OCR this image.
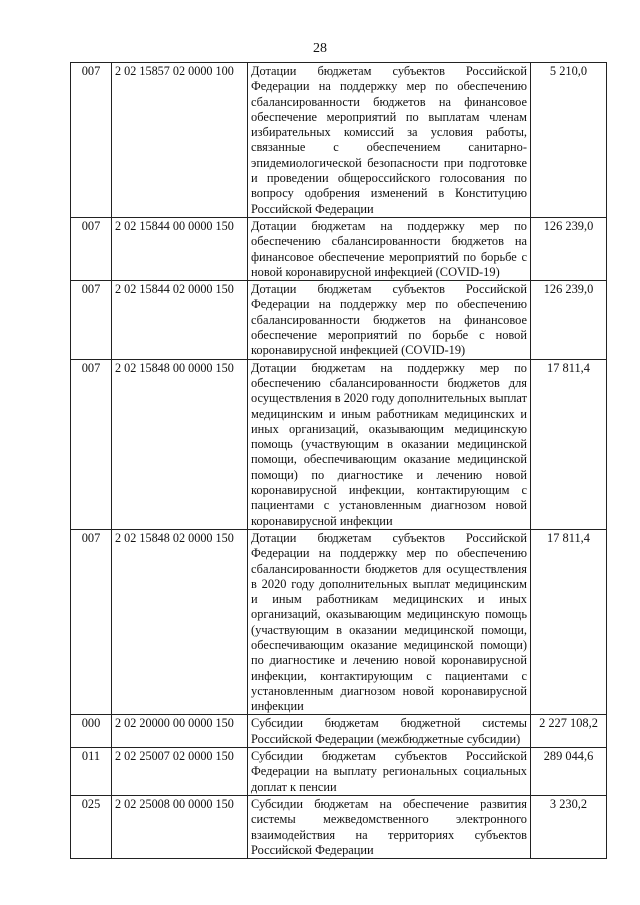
28
007	2 02 15857 02 0000 100	Дотации бюджетам субъектов Российской Федерации на поддержку мер по обеспечению сбалансированности бюджетов на финансовое обеспечение мероприятий по выплатам членам избирательных комиссий за условия работы, связанные с обеспечением санитарно-эпидемиологической безопасности при подготовке и проведении общероссийского голосования по вопросу одобрения изменений в Конституцию Российской Федерации	5 210,0
007	2 02 15844 00 0000 150	Дотации бюджетам на поддержку мер по обеспечению сбалансированности бюджетов на финансовое обеспечение мероприятий по борьбе с новой коронавирусной инфекцией (COVID-19)	126 239,0
007	2 02 15844 02 0000 150	Дотации бюджетам субъектов Российской Федерации на поддержку мер по обеспечению сбалансированности бюджетов на финансовое обеспечение мероприятий по борьбе с новой коронавирусной инфекцией (COVID-19)	126 239,0
007	2 02 15848 00 0000 150	Дотации бюджетам на поддержку мер по обеспечению сбалансированности бюджетов для осуществления в 2020 году дополнительных выплат медицинским и иным работникам медицинских и иных организаций, оказывающим медицинскую помощь (участвующим в оказании медицинской помощи, обеспечивающим оказание медицинской помощи) по диагностике и лечению новой коронавирусной инфекции, контактирующим с пациентами с установленным диагнозом новой коронавирусной инфекции	17 811,4
007	2 02 15848 02 0000 150	Дотации бюджетам субъектов Российской Федерации на поддержку мер по обеспечению сбалансированности бюджетов для осуществления в 2020 году дополнительных выплат медицинским и иным работникам медицинских и иных организаций, оказывающим медицинскую помощь (участвующим в оказании медицинской помощи, обеспечивающим оказание медицинской помощи) по диагностике и лечению новой коронавирусной инфекции, контактирующим с пациентами с установленным диагнозом новой коронавирусной инфекции	17 811,4
000	2 02 20000 00 0000 150	Субсидии бюджетам бюджетной системы Российской Федерации (межбюджетные субсидии)	2 227 108,2
011	2 02 25007 02 0000 150	Субсидии бюджетам субъектов Российской Федерации на выплату региональных социальных доплат к пенсии	289 044,6
025	2 02 25008 00 0000 150	Субсидии бюджетам на обеспечение развития системы межведомственного электронного взаимодействия на территориях субъектов Российской Федерации	3 230,2
